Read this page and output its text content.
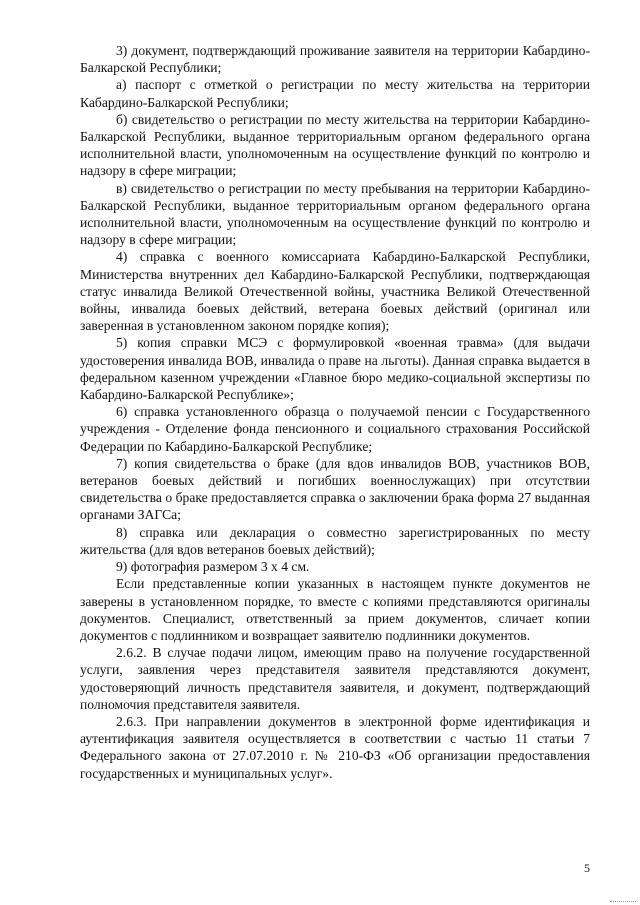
3) документ, подтверждающий проживание заявителя на территории Кабардино-Балкарской Республики;

а) паспорт с отметкой о регистрации по месту жительства на территории Кабардино-Балкарской Республики;

б) свидетельство о регистрации по месту жительства на территории Кабардино-Балкарской Республики, выданное территориальным органом федерального органа исполнительной власти, уполномоченным на осуществление функций по контролю и надзору в сфере миграции;

в) свидетельство о регистрации по месту пребывания на территории Кабардино-Балкарской Республики, выданное территориальным органом федерального органа исполнительной власти, уполномоченным на осуществление функций по контролю и надзору в сфере миграции;

4) справка с военного комиссариата Кабардино-Балкарской Республики, Министерства внутренних дел Кабардино-Балкарской Республики, подтверждающая статус инвалида Великой Отечественной войны, участника Великой Отечественной войны, инвалида боевых действий, ветерана боевых действий (оригинал или заверенная в установленном законом порядке копия);

5) копия справки МСЭ с формулировкой «военная травма» (для выдачи удостоверения инвалида ВОВ, инвалида о праве на льготы). Данная справка выдается в федеральном казенном учреждении «Главное бюро медико-социальной экспертизы по Кабардино-Балкарской Республике»;

6) справка установленного образца о получаемой пенсии с Государственного учреждения - Отделение фонда пенсионного и социального страхования Российской Федерации по Кабардино-Балкарской Республике;

7) копия свидетельства о браке (для вдов инвалидов ВОВ, участников ВОВ, ветеранов боевых действий и погибших военнослужащих) при отсутствии свидетельства о браке предоставляется справка о заключении брака форма 27 выданная органами ЗАГСа;

8) справка или декларация о совместно зарегистрированных по месту жительства (для вдов ветеранов боевых действий);

9) фотография размером 3 х 4 см.

Если представленные копии указанных в настоящем пункте документов не заверены в установленном порядке, то вместе с копиями представляются оригиналы документов. Специалист, ответственный за прием документов, сличает копии документов с подлинником и возвращает заявителю подлинники документов.

2.6.2. В случае подачи лицом, имеющим право на получение государственной услуги, заявления через представителя заявителя представляются документ, удостоверяющий личность представителя заявителя, и документ, подтверждающий полномочия представителя заявителя.

2.6.3. При направлении документов в электронной форме идентификация и аутентификация заявителя осуществляется в соответствии с частью 11 статьи 7 Федерального закона от 27.07.2010 г. № 210-ФЗ «Об организации предоставления государственных и муниципальных услуг».

5
